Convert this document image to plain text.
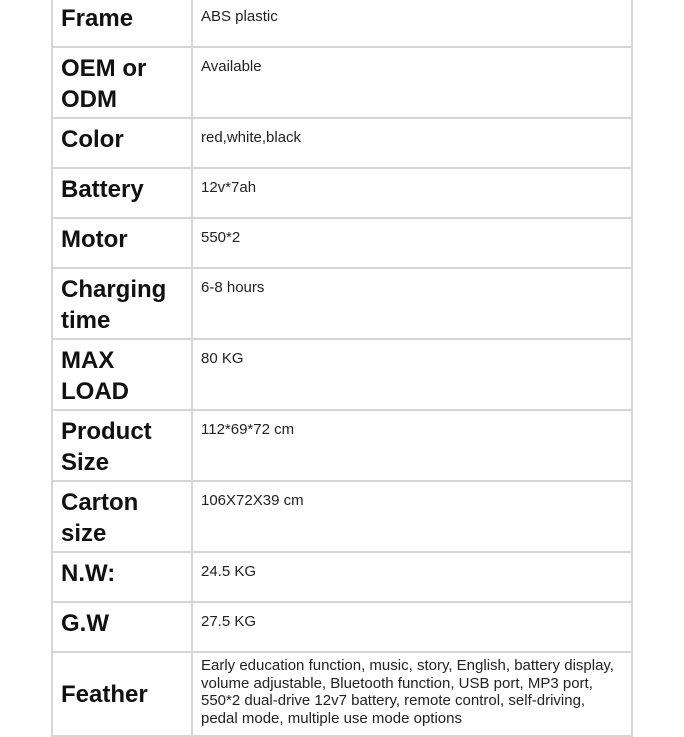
Frame	ABS plastic
OEM or ODM	Available
Color	red,white,black
Battery	12v*7ah
Motor	550*2
Charging time	6-8 hours
MAX LOAD	80 KG
Product Size	112*69*72 cm
Carton size	106X72X39 cm
N.W:	24.5 KG
G.W	27.5 KG
Feather	Early education function, music, story, English, battery display, volume adjustable, Bluetooth function, USB port, MP3 port, 550*2 dual-drive 12v7 battery, remote control, self-driving, pedal mode, multiple use mode options
